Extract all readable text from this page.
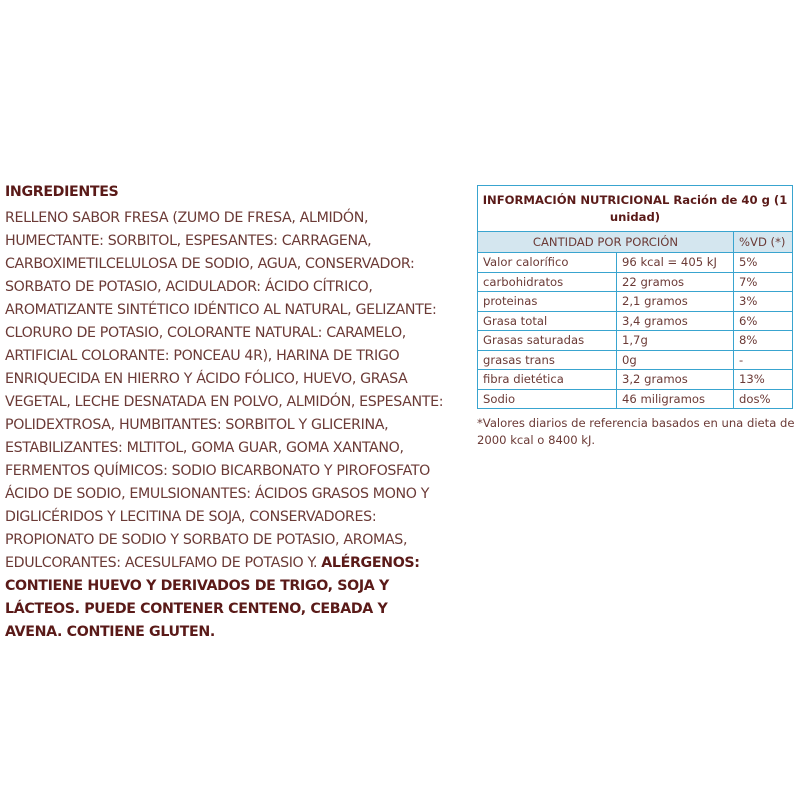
INGREDIENTES

RELLENO SABOR FRESA (ZUMO DE FRESA, ALMIDÓN, HUMECTANTE: SORBITOL, ESPESANTES: CARRAGENA, CARBOXIMETILCELULOSA DE SODIO, AGUA, CONSERVADOR: SORBATO DE POTASIO, ACIDULADOR: ÁCIDO CÍTRICO, AROMATIZANTE SINTÉTICO IDÉNTICO AL NATURAL, GELIZANTE: CLORURO DE POTASIO, COLORANTE NATURAL: CARAMELO, ARTIFICIAL COLORANTE: PONCEAU 4R), HARINA DE TRIGO ENRIQUECIDA EN HIERRO Y ÁCIDO FÓLICO, HUEVO, GRASA VEGETAL, LECHE DESNATADA EN POLVO, ALMIDÓN, ESPESANTE: POLIDEXTROSA, HUMBITANTES: SORBITOL Y GLICERINA, ESTABILIZANTES: MLTITOL, GOMA GUAR, GOMA XANTANO, FERMENTOS QUÍMICOS: SODIO BICARBONATO Y PIROFOSFATO ÁCIDO DE SODIO, EMULSIONANTES: ÁCIDOS GRASOS MONO Y DIGLICÉRIDOS Y LECITINA DE SOJA, CONSERVADORES: PROPIONATO DE SODIO Y SORBATO DE POTASIO, AROMAS, EDULCORANTES: ACESULFAMO DE POTASIO Y. ALÉRGENOS: CONTIENE HUEVO Y DERIVADOS DE TRIGO, SOJA Y LÁCTEOS. PUEDE CONTENER CENTENO, CEBADA Y AVENA. CONTIENE GLUTEN.

INFORMACIÓN NUTRICIONAL Ración de 40 g (1 unidad)		
CANTIDAD POR PORCIÓN		%VD (*)
Valor calorífico	96 kcal = 405 kJ	5%
carbohidratos	22 gramos	7%
proteinas	2,1 gramos	3%
Grasa total	3,4 gramos	6%
Grasas saturadas	1,7g	8%
grasas trans	0g	-
fibra dietética	3,2 gramos	13%
Sodio	46 miligramos	dos%
*Valores diarios de referencia basados en una dieta de 2000 kcal o 8400 kJ.
